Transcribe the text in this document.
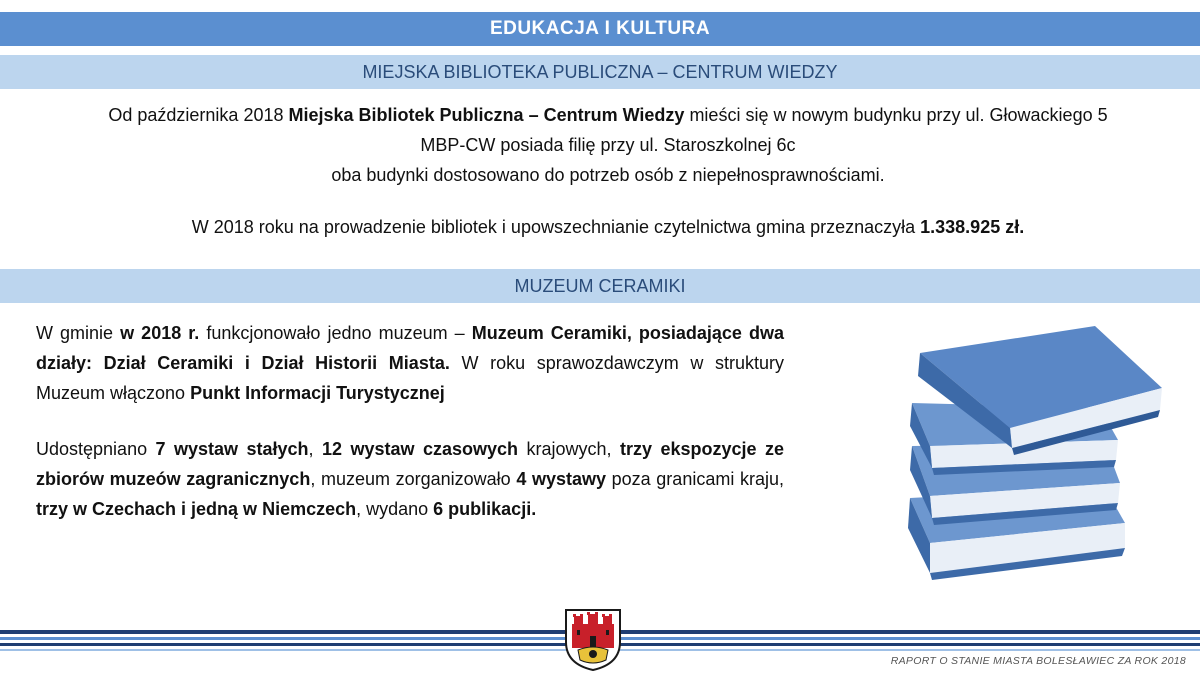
EDUKACJA I KULTURA
MIEJSKA BIBLIOTEKA PUBLICZNA – CENTRUM WIEDZY

Od października 2018 Miejska Bibliotek Publiczna – Centrum Wiedzy mieści się w nowym budynku przy ul. Głowackiego 5

MBP-CW posiada filię przy ul. Staroszkolnej 6c

oba budynki dostosowano do potrzeb osób z niepełnosprawnościami.

W 2018 roku na prowadzenie bibliotek i upowszechnianie czytelnictwa gmina przeznaczyła 1.338.925 zł.

MUZEUM CERAMIKI

W gminie w 2018 r. funkcjonowało jedno muzeum – Muzeum Ceramiki, posiadające dwa działy: Dział Ceramiki i Dział Historii Miasta. W roku sprawozdawczym w struktury Muzeum włączono Punkt Informacji Turystycznej

Udostępniano 7 wystaw stałych, 12 wystaw czasowych krajowych, trzy ekspozycje ze zbiorów muzeów zagranicznych, muzeum zorganizowało 4 wystawy poza granicami kraju, trzy w Czechach i jedną w Niemczech, wydano 6 publikacji.

RAPORT O STANIE MIASTA BOLESŁAWIEC ZA ROK 2018
